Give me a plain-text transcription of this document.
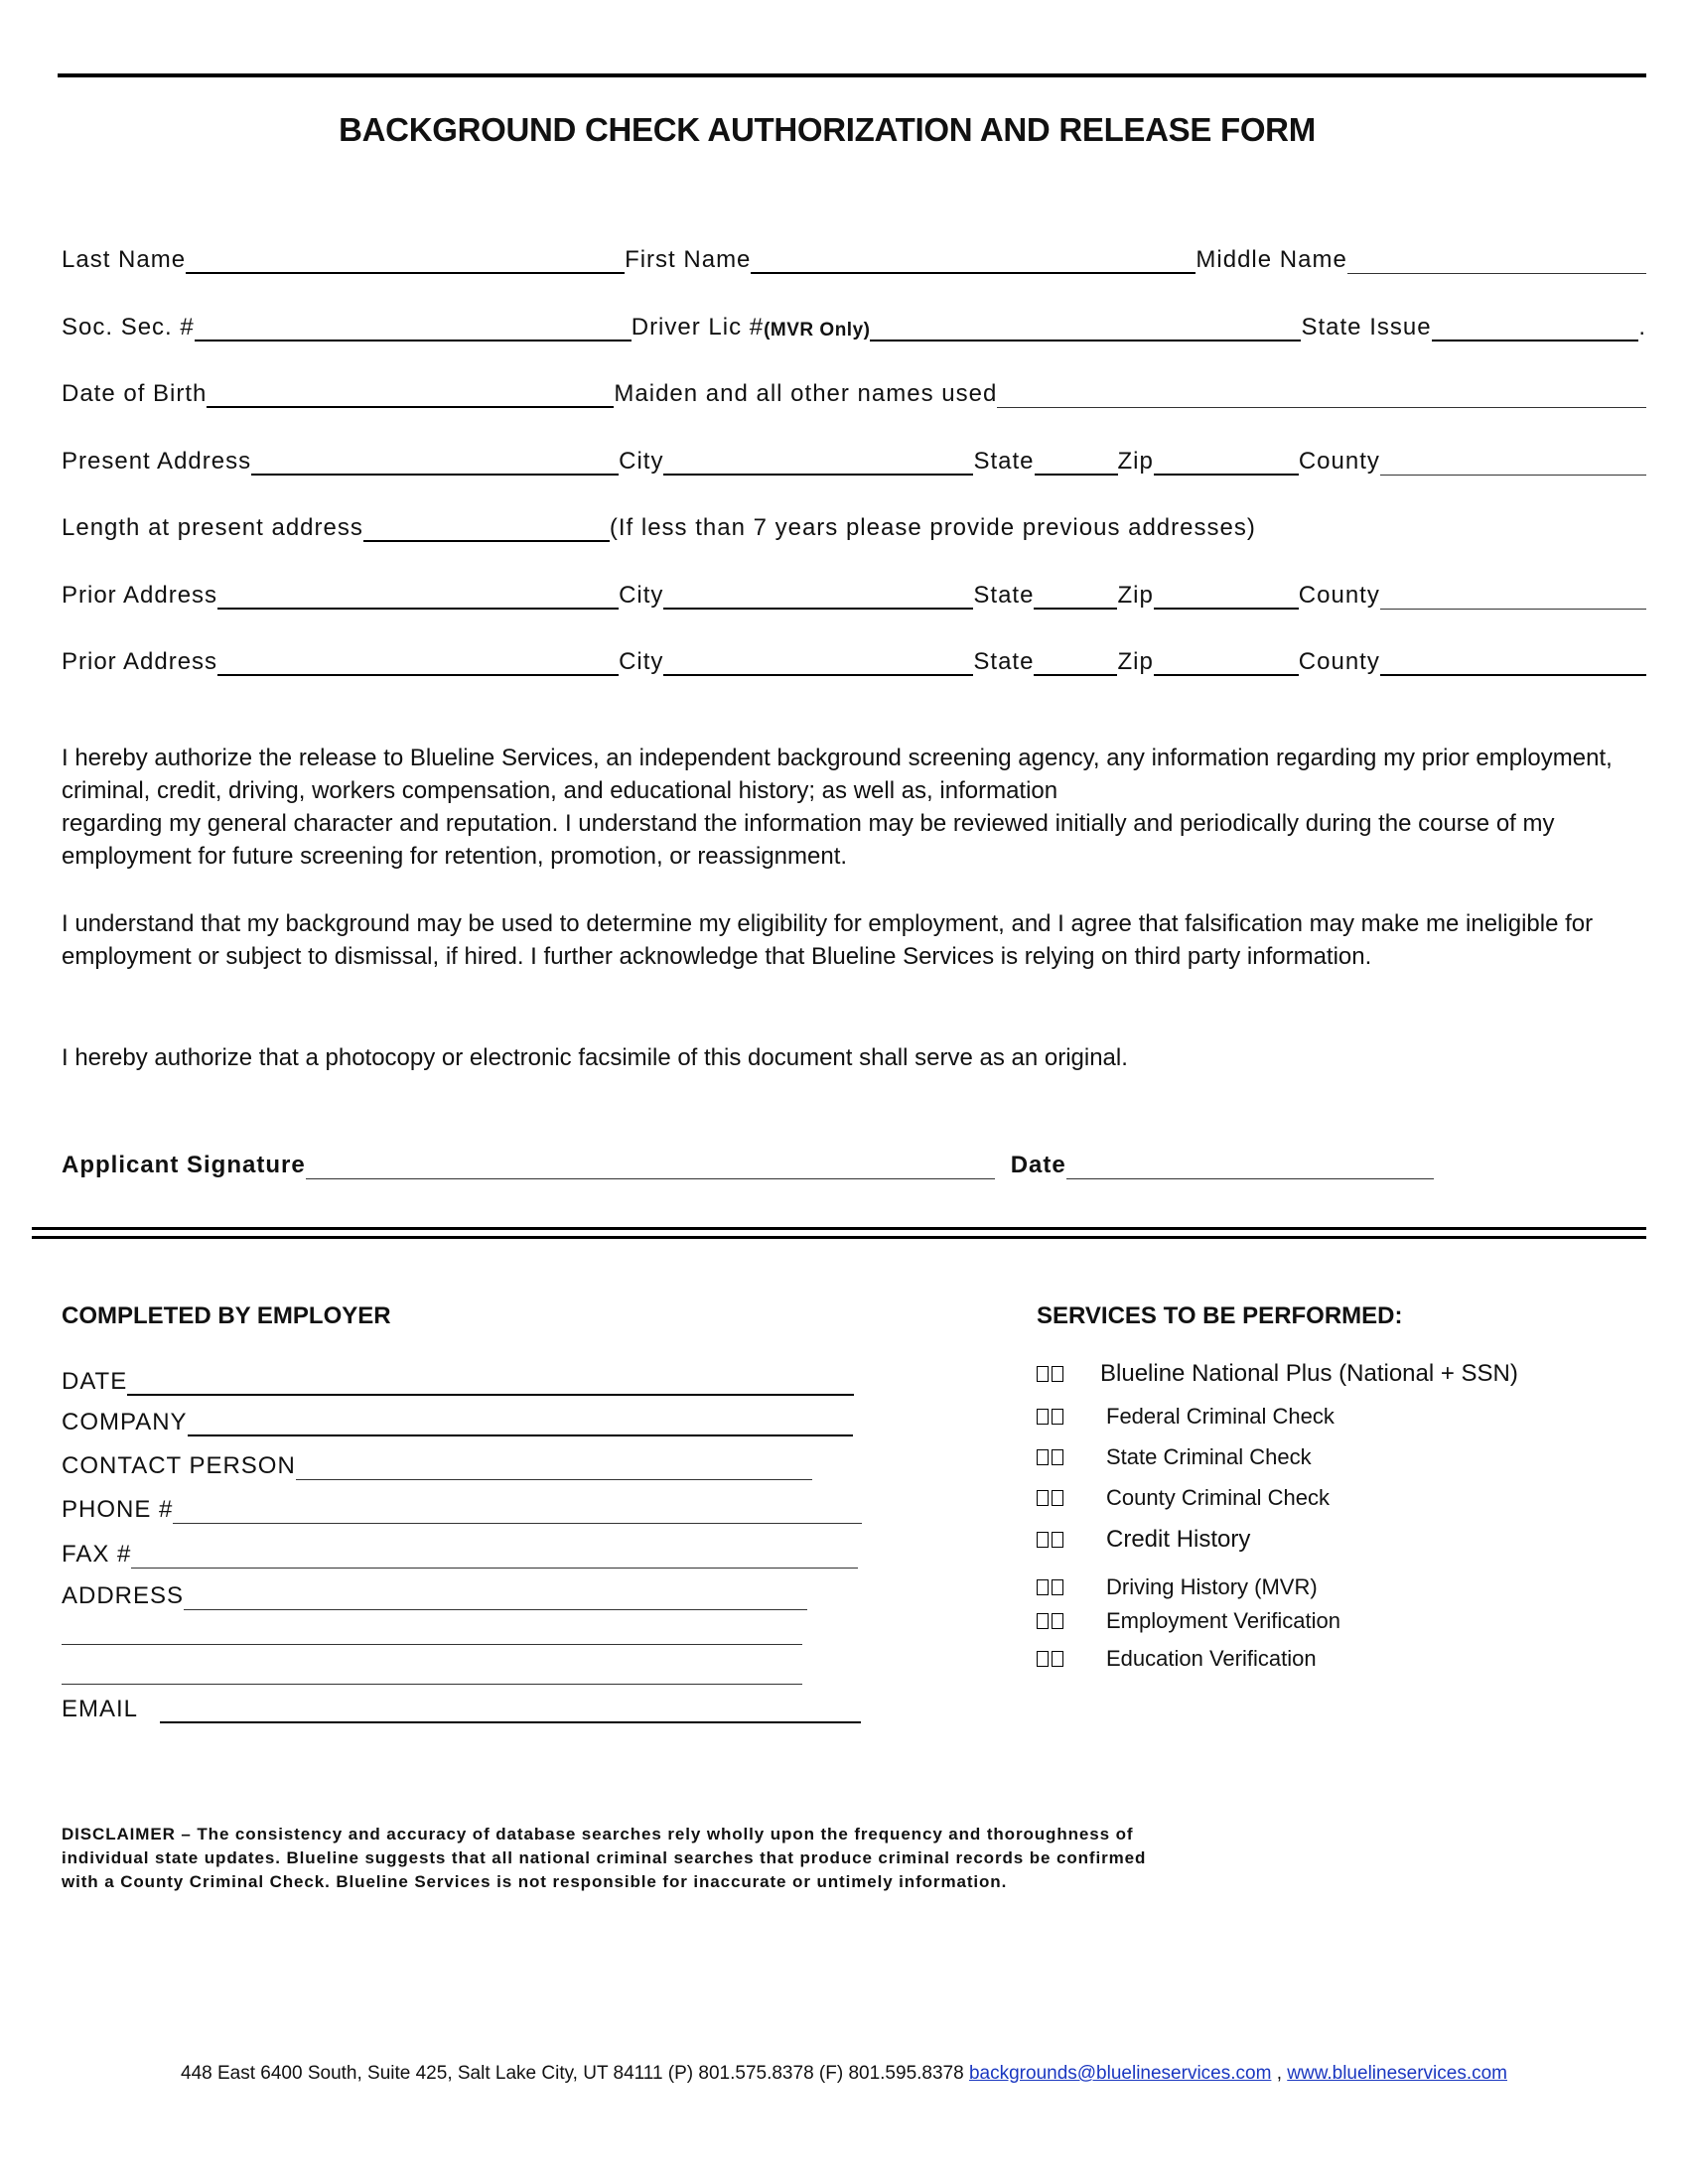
BACKGROUND CHECK AUTHORIZATION AND RELEASE FORM
Last Name	First Name	Middle Name
Soc. Sec. #	Driver Lic # (MVR Only)	State Issue	.
Date of Birth	Maiden and all other names used
Present Address	City	State	Zip	County
Length at present address	(If less than 7 years please provide previous addresses)
Prior Address	City	State	Zip	County
Prior Address	City	State	Zip	County
I hereby authorize the release to Blueline Services, an independent background screening agency, any information regarding my prior employment, criminal, credit, driving, workers compensation, and educational history; as well as, information
regarding my general character and reputation. I understand the information may be reviewed initially and periodically during the course of my employment for future screening for retention, promotion, or reassignment.
I understand that my background may be used to determine my eligibility for employment, and I agree that falsification may make me ineligible for employment or subject to dismissal, if hired. I further acknowledge that Blueline Services is relying on third party information.
I hereby authorize that a photocopy or electronic facsimile of this document shall serve as an original.
Applicant Signature	Date
COMPLETED BY EMPLOYER
DATE
COMPANY
CONTACT PERSON
PHONE #
FAX #
ADDRESS
EMAIL
SERVICES TO BE PERFORMED:
Blueline National Plus (National + SSN)
Federal Criminal Check
State Criminal Check
County Criminal Check
Credit History
Driving History (MVR)
Employment Verification
Education Verification
DISCLAIMER – The consistency and accuracy of database searches rely wholly upon the frequency and thoroughness of individual state updates. Blueline suggests that all national criminal searches that produce criminal records be confirmed with a County Criminal Check. Blueline Services is not responsible for inaccurate or untimely information.
448 East 6400 South, Suite 425, Salt Lake City, UT 84111 (P) 801.575.8378 (F) 801.595.8378 backgrounds@bluelineservices.com , www.bluelineservices.com
